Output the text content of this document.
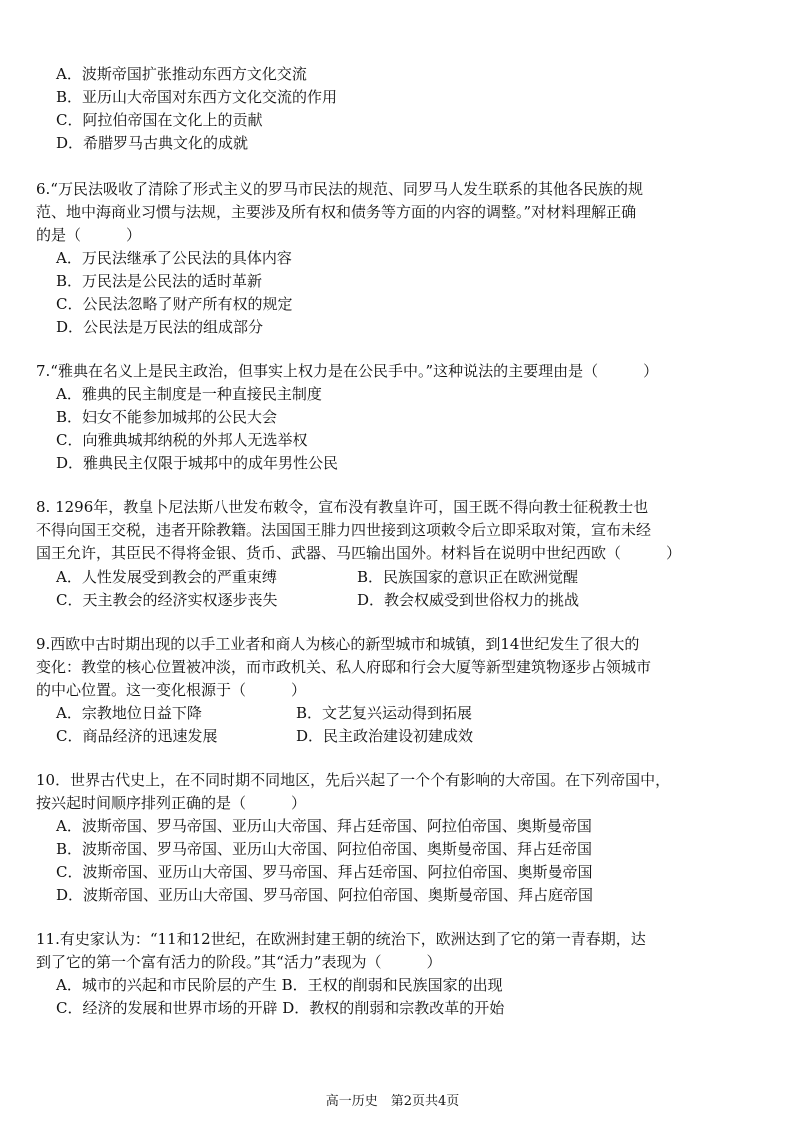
A．波斯帝国扩张推动东西方文化交流
B．亚历山大帝国对东西方文化交流的作用
C．阿拉伯帝国在文化上的贡献
D．希腊罗马古典文化的成就
6.“万民法吸收了清除了形式主义的罗马市民法的规范、同罗马人发生联系的其他各民族的规
范、地中海商业习惯与法规，主要涉及所有权和债务等方面的内容的调整。”对材料理解正确
的是（　　　）
A．万民法继承了公民法的具体内容
B．万民法是公民法的适时革新
C．公民法忽略了财产所有权的规定
D．公民法是万民法的组成部分
7.“雅典在名义上是民主政治，但事实上权力是在公民手中。”这种说法的主要理由是（　　　）
A．雅典的民主制度是一种直接民主制度
B．妇女不能参加城邦的公民大会
C．向雅典城邦纳税的外邦人无选举权
D．雅典民主仅限于城邦中的成年男性公民
8. 1296年，教皇卜尼法斯八世发布敕令，宣布没有教皇许可，国王既不得向教士征税教士也
不得向国王交税，违者开除教籍。法国国王腓力四世接到这项敕令后立即采取对策，宣布未经
国王允许，其臣民不得将金银、货币、武器、马匹输出国外。材料旨在说明中世纪西欧（　　　）
A．人性发展受到教会的严重束缚	B．民族国家的意识正在欧洲觉醒
C．天主教会的经济实权逐步丧失	D．教会权威受到世俗权力的挑战
9.西欧中古时期出现的以手工业者和商人为核心的新型城市和城镇，到14世纪发生了很大的
变化：教堂的核心位置被冲淡，而市政机关、私人府邸和行会大厦等新型建筑物逐步占领城市
的中心位置。这一变化根源于（　　　）
A．宗教地位日益下降	B．文艺复兴运动得到拓展
C．商品经济的迅速发展	D．民主政治建设初建成效
10．世界古代史上，在不同时期不同地区，先后兴起了一个个有影响的大帝国。在下列帝国中，
按兴起时间顺序排列正确的是（　　　）
A．波斯帝国、罗马帝国、亚历山大帝国、拜占廷帝国、阿拉伯帝国、奥斯曼帝国
B．波斯帝国、罗马帝国、亚历山大帝国、阿拉伯帝国、奥斯曼帝国、拜占廷帝国
C．波斯帝国、亚历山大帝国、罗马帝国、拜占廷帝国、阿拉伯帝国、奥斯曼帝国
D．波斯帝国、亚历山大帝国、罗马帝国、阿拉伯帝国、奥斯曼帝国、拜占庭帝国
11.有史家认为：“11和12世纪，在欧洲封建王朝的统治下，欧洲达到了它的第一青春期，达
到了它的第一个富有活力的阶段。”其“活力”表现为（　　　）
A．城市的兴起和市民阶层的产生 B．王权的削弱和民族国家的出现
C．经济的发展和世界市场的开辟 D．教权的削弱和宗教改革的开始
高一历史　第2页共4页
